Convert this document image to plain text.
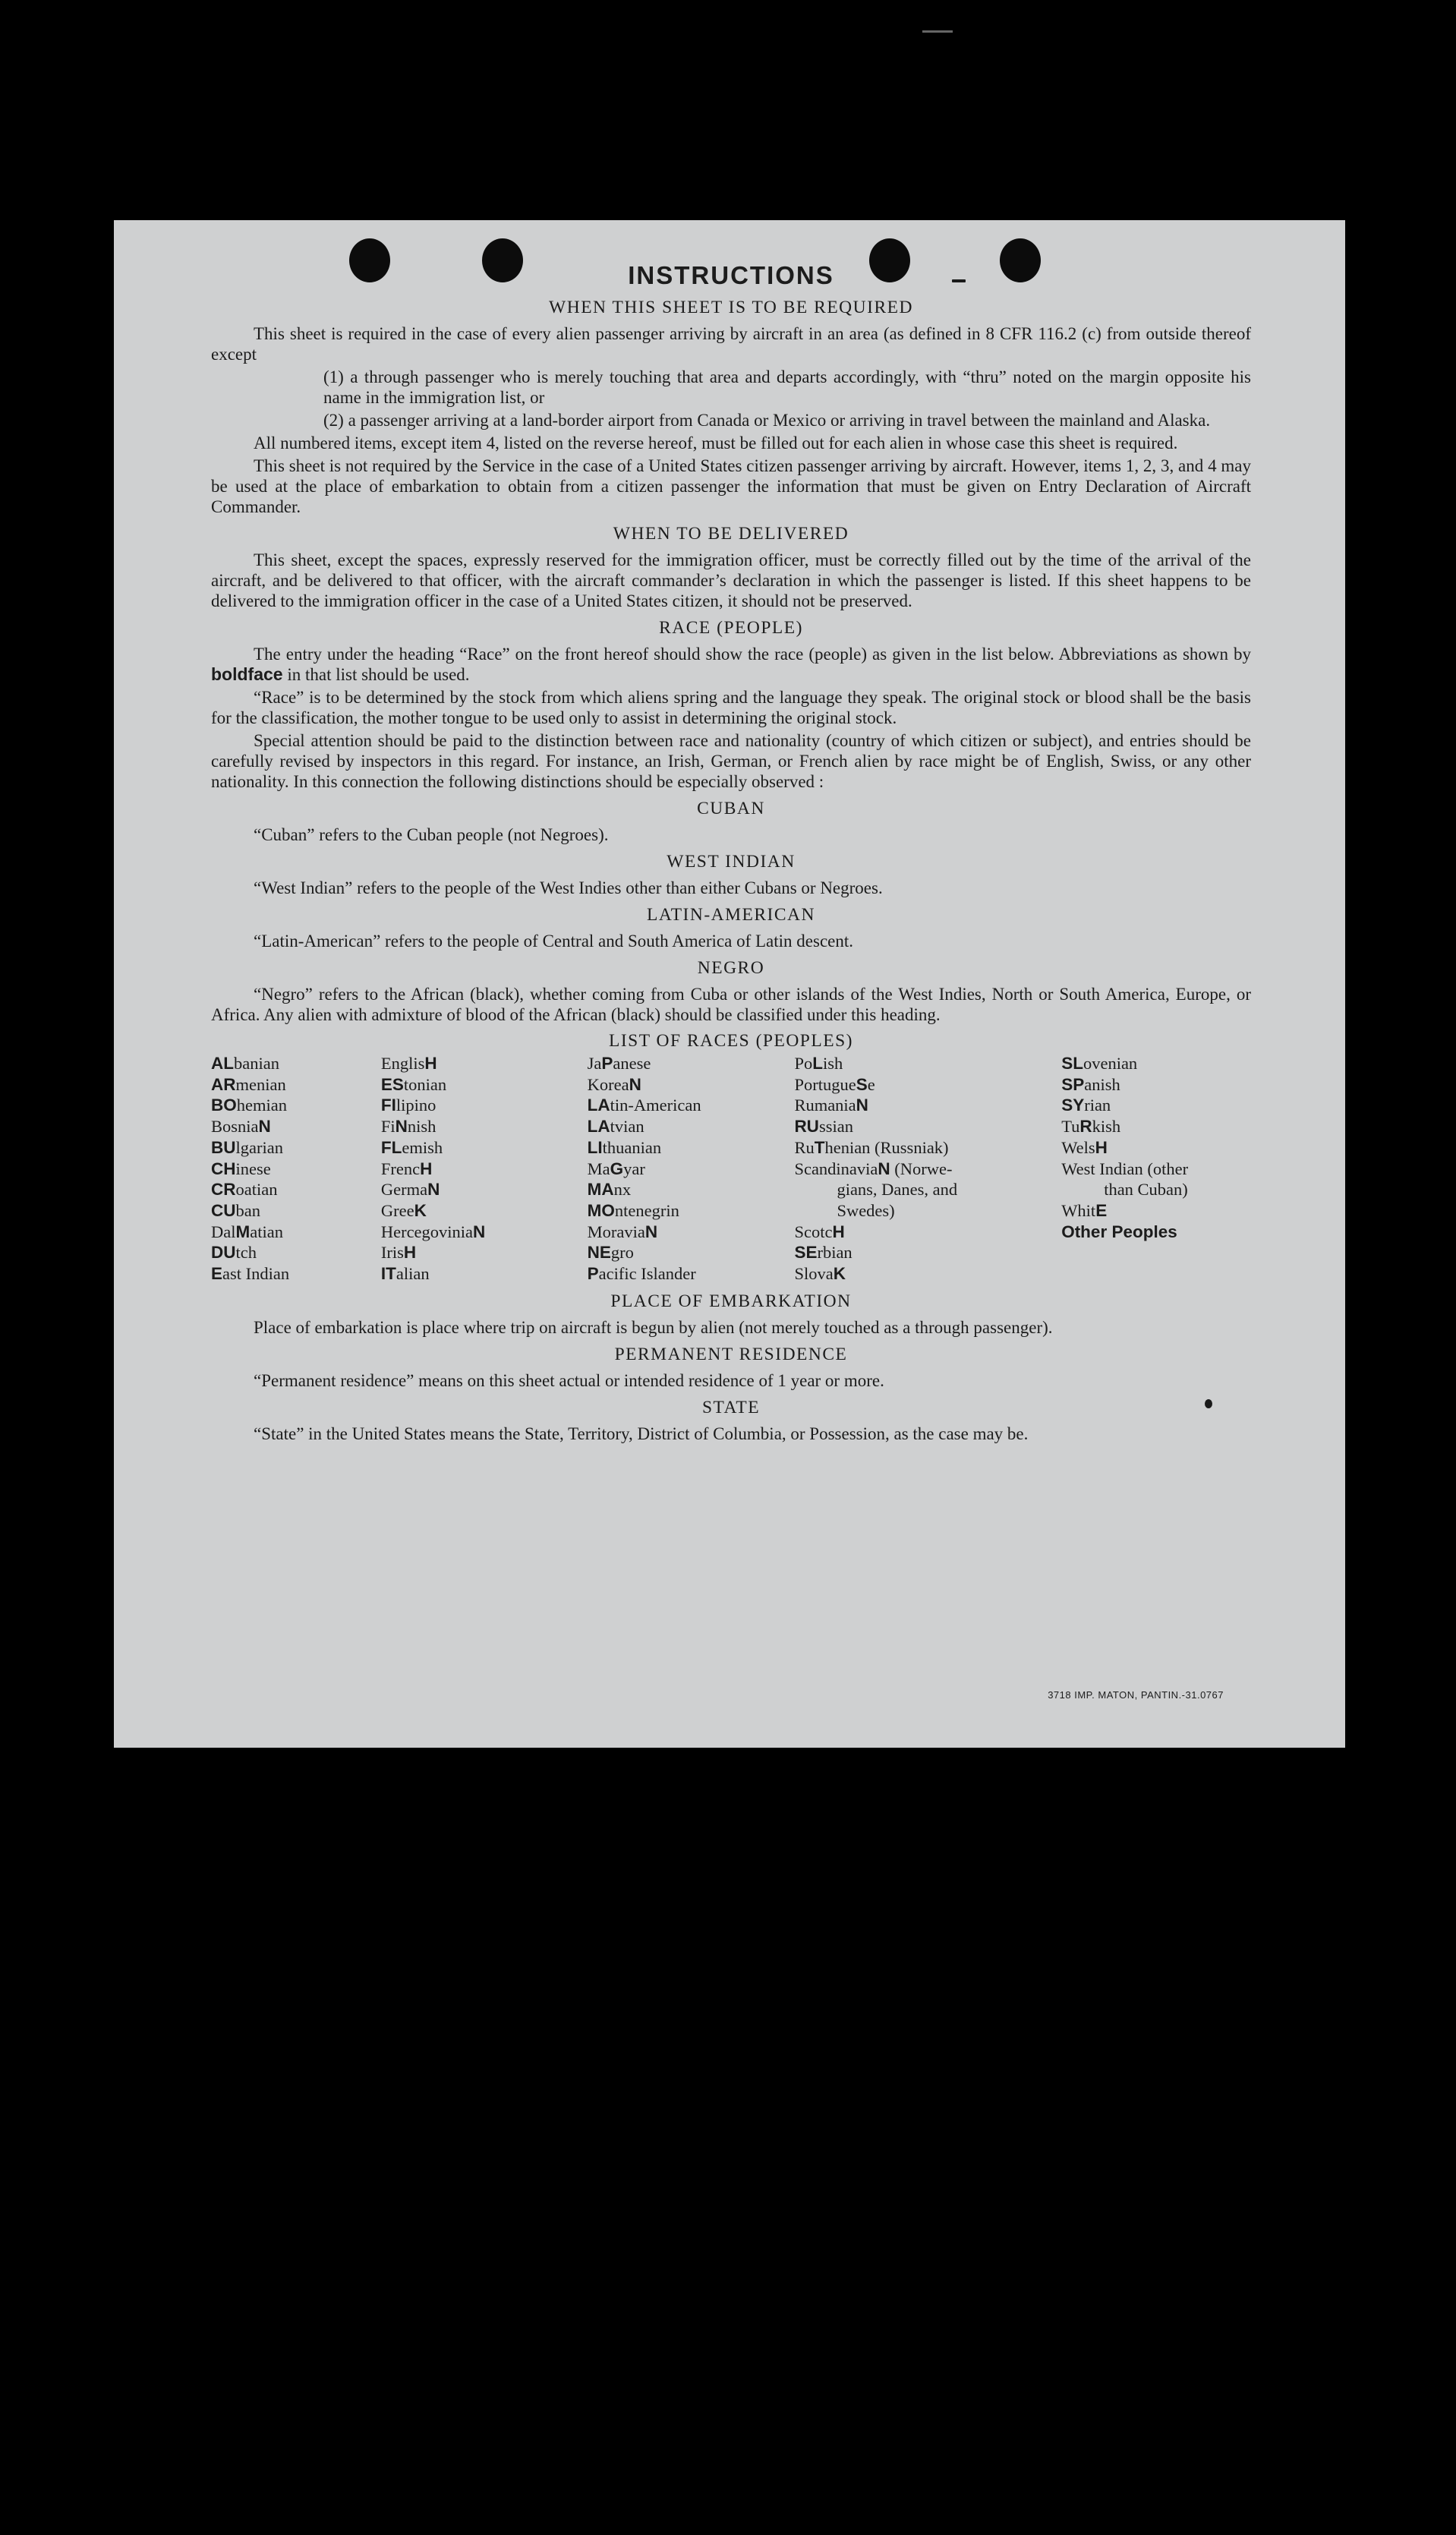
INSTRUCTIONS
WHEN THIS SHEET IS TO BE REQUIRED

This sheet is required in the case of every alien passenger arriving by aircraft in an area (as defined in 8 CFR 116.2 (c) from outside thereof except

(1) a through passenger who is merely touching that area and departs accordingly, with “thru” noted on the margin opposite his name in the immigration list, or

(2) a passenger arriving at a land-border airport from Canada or Mexico or arriving in travel between the mainland and Alaska.

All numbered items, except item 4, listed on the reverse hereof, must be filled out for each alien in whose case this sheet is required.

This sheet is not required by the Service in the case of a United States citizen passenger arriving by aircraft. However, items 1, 2, 3, and 4 may be used at the place of embarkation to obtain from a citizen passenger the information that must be given on Entry Declaration of Aircraft Commander.

WHEN TO BE DELIVERED

This sheet, except the spaces, expressly reserved for the immigration officer, must be correctly filled out by the time of the arrival of the aircraft, and be delivered to that officer, with the aircraft commander’s declaration in which the passenger is listed. If this sheet happens to be delivered to the immigration officer in the case of a United States citizen, it should not be preserved.

RACE (PEOPLE)

The entry under the heading “Race” on the front hereof should show the race (people) as given in the list below. Abbreviations as shown by boldface in that list should be used.

“Race” is to be determined by the stock from which aliens spring and the language they speak. The original stock or blood shall be the basis for the classification, the mother tongue to be used only to assist in determining the original stock.

Special attention should be paid to the distinction between race and nationality (country of which citizen or subject), and entries should be carefully revised by inspectors in this regard. For instance, an Irish, German, or French alien by race might be of English, Swiss, or any other nationality. In this connection the following distinctions should be especially observed :

CUBAN

“Cuban” refers to the Cuban people (not Negroes).

WEST INDIAN

“West Indian” refers to the people of the West Indies other than either Cubans or Negroes.

LATIN-AMERICAN

“Latin-American” refers to the people of Central and South America of Latin descent.

NEGRO

“Negro” refers to the African (black), whether coming from Cuba or other islands of the West Indies, North or South America, Europe, or Africa. Any alien with admixture of blood of the African (black) should be classified under this heading.

LIST OF RACES (PEOPLES)
ALbanian
ARmenian
BOhemian
BosniaN
BUlgarian
CHinese
CRoatian
CUban
DalMatian
DUtch
East Indian
EnglisH
EStonian
FIlipino
FiNnish
FLemish
FrencH
GermaN
GreeK
HercegoviniaN
IrisH
ITalian
JaPanese
KoreaN
LAtin-American
LAtvian
LIthuanian
MaGyar
MAnx
MOntenegrin
MoraviaN
NEgro
Pacific Islander
PoLish
PortugueSe
RumaniaN
RUssian
RuThenian (Russniak)
ScandinaviaN (Norwe-
gians, Danes, and
Swedes)
ScotcH
SErbian
SlovaK
SLovenian
SPanish
SYrian
TuRkish
WelsH
West Indian (other
than Cuban)
WhitE
Other Peoples
PLACE OF EMBARKATION

Place of embarkation is place where trip on aircraft is begun by alien (not merely touched as a through passenger).

PERMANENT RESIDENCE

“Permanent residence” means on this sheet actual or intended residence of 1 year or more.

STATE

“State” in the United States means the State, Territory, District of Columbia, or Possession, as the case may be.

3718 IMP. MATON, PANTIN.-31.0767
